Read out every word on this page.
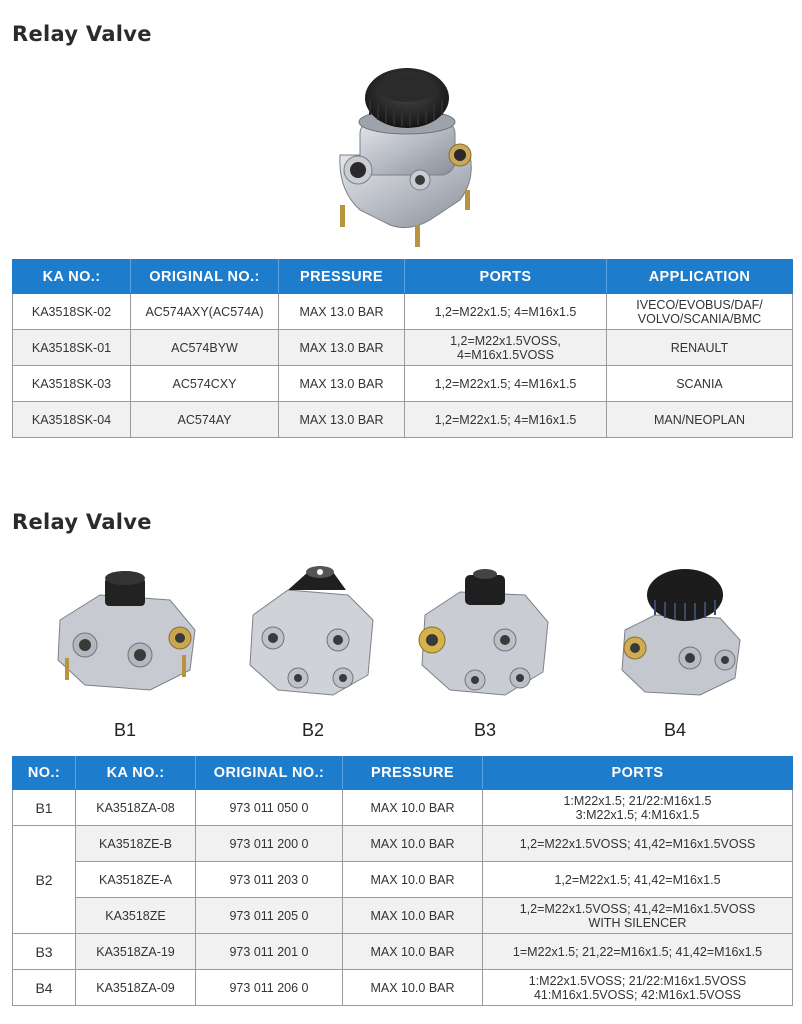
Relay Valve
KA NO.:	ORIGINAL NO.:	PRESSURE	PORTS	APPLICATION
KA3518SK-02	AC574AXY(AC574A)	MAX 13.0 BAR	1,2=M22x1.5; 4=M16x1.5	IVECO/EVOBUS/DAF/
VOLVO/SCANIA/BMC
KA3518SK-01	AC574BYW	MAX 13.0 BAR	1,2=M22x1.5VOSS,
4=M16x1.5VOSS	RENAULT
KA3518SK-03	AC574CXY	MAX 13.0 BAR	1,2=M22x1.5; 4=M16x1.5	SCANIA
KA3518SK-04	AC574AY	MAX 13.0 BAR	1,2=M22x1.5; 4=M16x1.5	MAN/NEOPLAN
Relay Valve
B1	B2	B3	B4
NO.:	KA NO.:	ORIGINAL NO.:	PRESSURE	PORTS
B1	KA3518ZA-08	973 011 050 0	MAX 10.0 BAR	1:M22x1.5; 21/22:M16x1.5
3:M22x1.5; 4:M16x1.5
B2	KA3518ZE-B	973 011 200 0	MAX 10.0 BAR	1,2=M22x1.5VOSS; 41,42=M16x1.5VOSS
	KA3518ZE-A	973 011 203 0	MAX 10.0 BAR	1,2=M22x1.5; 41,42=M16x1.5
	KA3518ZE	973 011 205 0	MAX 10.0 BAR	1,2=M22x1.5VOSS; 41,42=M16x1.5VOSS
WITH SILENCER
B3	KA3518ZA-19	973 011 201 0	MAX 10.0 BAR	1=M22x1.5; 21,22=M16x1.5; 41,42=M16x1.5
B4	KA3518ZA-09	973 011 206 0	MAX 10.0 BAR	1:M22x1.5VOSS; 21/22:M16x1.5VOSS
41:M16x1.5VOSS; 42:M16x1.5VOSS
